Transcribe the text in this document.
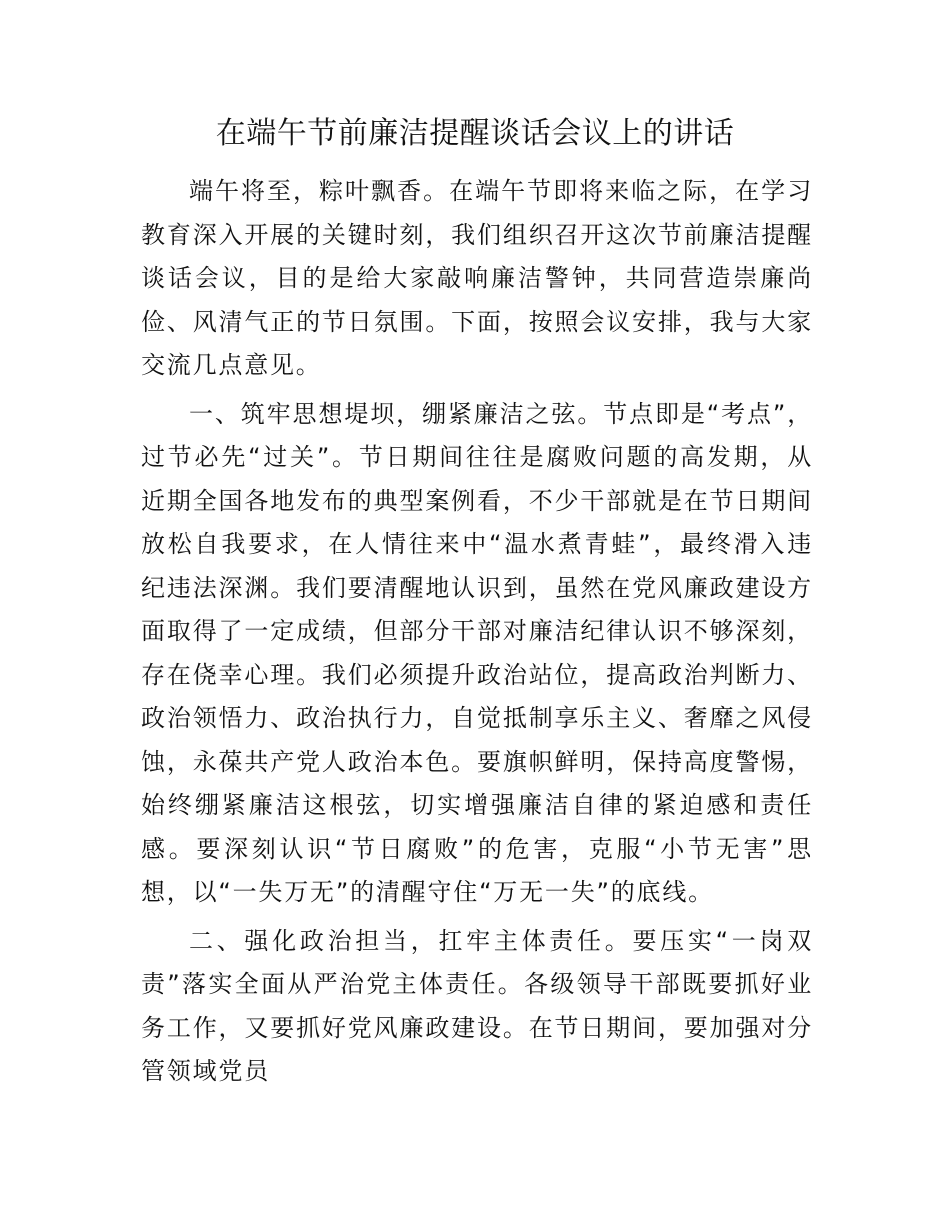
在端午节前廉洁提醒谈话会议上的讲话

端午将至，粽叶飘香。在端午节即将来临之际，在学习教育深入开展的关键时刻，我们组织召开这次节前廉洁提醒谈话会议，目的是给大家敲响廉洁警钟，共同营造崇廉尚俭、风清气正的节日氛围。下面，按照会议安排，我与大家交流几点意见。

一、筑牢思想堤坝，绷紧廉洁之弦。节点即是“考点”，过节必先“过关”。节日期间往往是腐败问题的高发期，从近期全国各地发布的典型案例看，不少干部就是在节日期间放松自我要求，在人情往来中“温水煮青蛙”，最终滑入违纪违法深渊。我们要清醒地认识到，虽然在党风廉政建设方面取得了一定成绩，但部分干部对廉洁纪律认识不够深刻，存在侥幸心理。我们必须提升政治站位，提高政治判断力、政治领悟力、政治执行力，自觉抵制享乐主义、奢靡之风侵蚀，永葆共产党人政治本色。要旗帜鲜明，保持高度警惕，始终绷紧廉洁这根弦，切实增强廉洁自律的紧迫感和责任感。要深刻认识“节日腐败”的危害，克服“小节无害”思想，以“一失万无”的清醒守住“万无一失”的底线。

二、强化政治担当，扛牢主体责任。要压实“一岗双责”落实全面从严治党主体责任。各级领导干部既要抓好业务工作，又要抓好党风廉政建设。在节日期间，要加强对分管领域党员
